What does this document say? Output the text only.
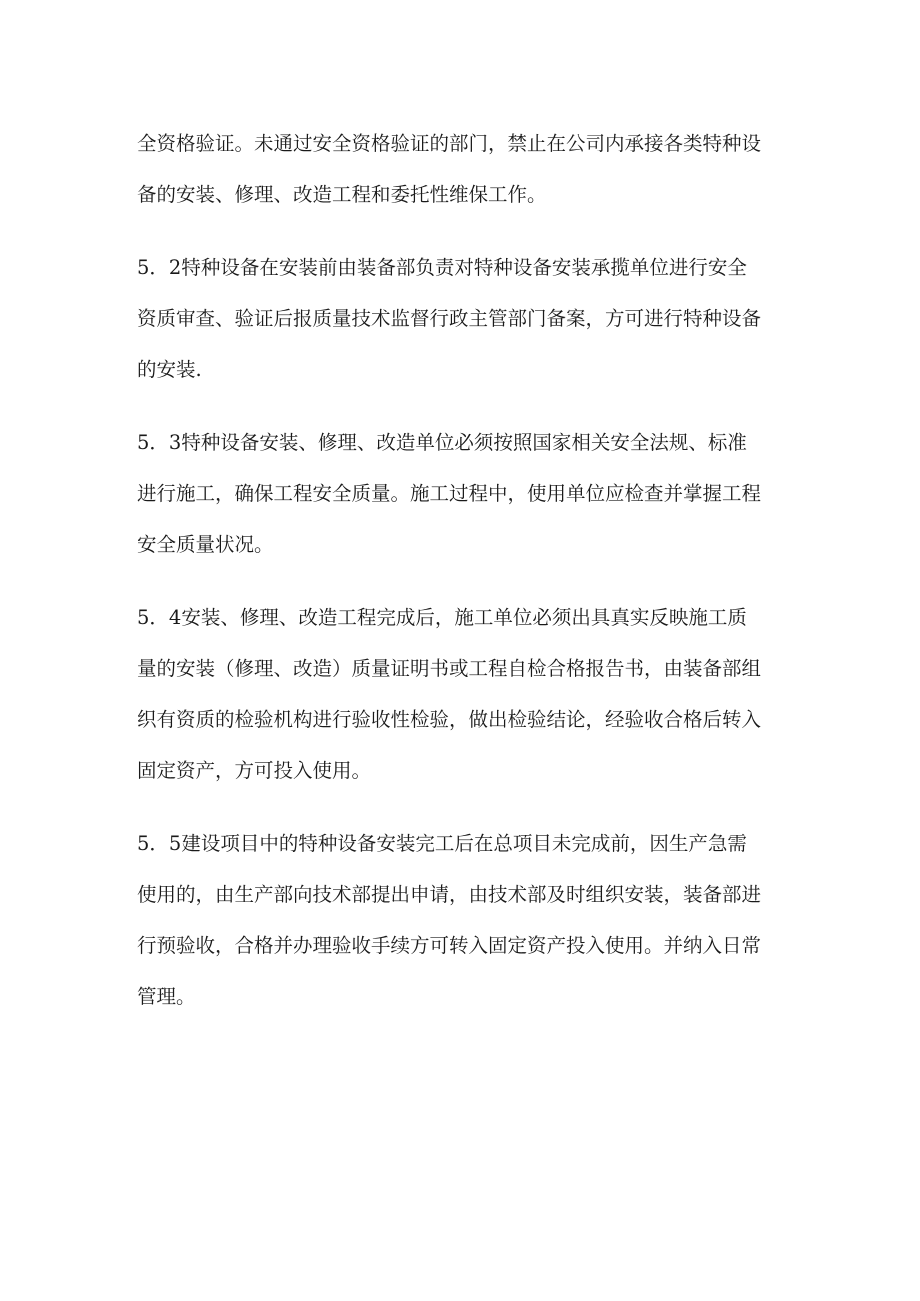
全资格验证。未通过安全资格验证的部门，禁止在公司内承接各类特种设
备的安装、修理、改造工程和委托性维保工作。
5．2特种设备在安装前由装备部负责对特种设备安装承揽单位进行安全
资质审查、验证后报质量技术监督行政主管部门备案，方可进行特种设备
的安装.
5．3特种设备安装、修理、改造单位必须按照国家相关安全法规、标准
进行施工，确保工程安全质量。施工过程中，使用单位应检查并掌握工程
安全质量状况。
5．4安装、修理、改造工程完成后，施工单位必须出具真实反映施工质
量的安装（修理、改造）质量证明书或工程自检合格报告书，由装备部组
织有资质的检验机构进行验收性检验，做出检验结论，经验收合格后转入
固定资产，方可投入使用。
5．5建设项目中的特种设备安装完工后在总项目未完成前，因生产急需
使用的，由生产部向技术部提出申请，由技术部及时组织安装，装备部进
行预验收，合格并办理验收手续方可转入固定资产投入使用。并纳入日常
管理。
